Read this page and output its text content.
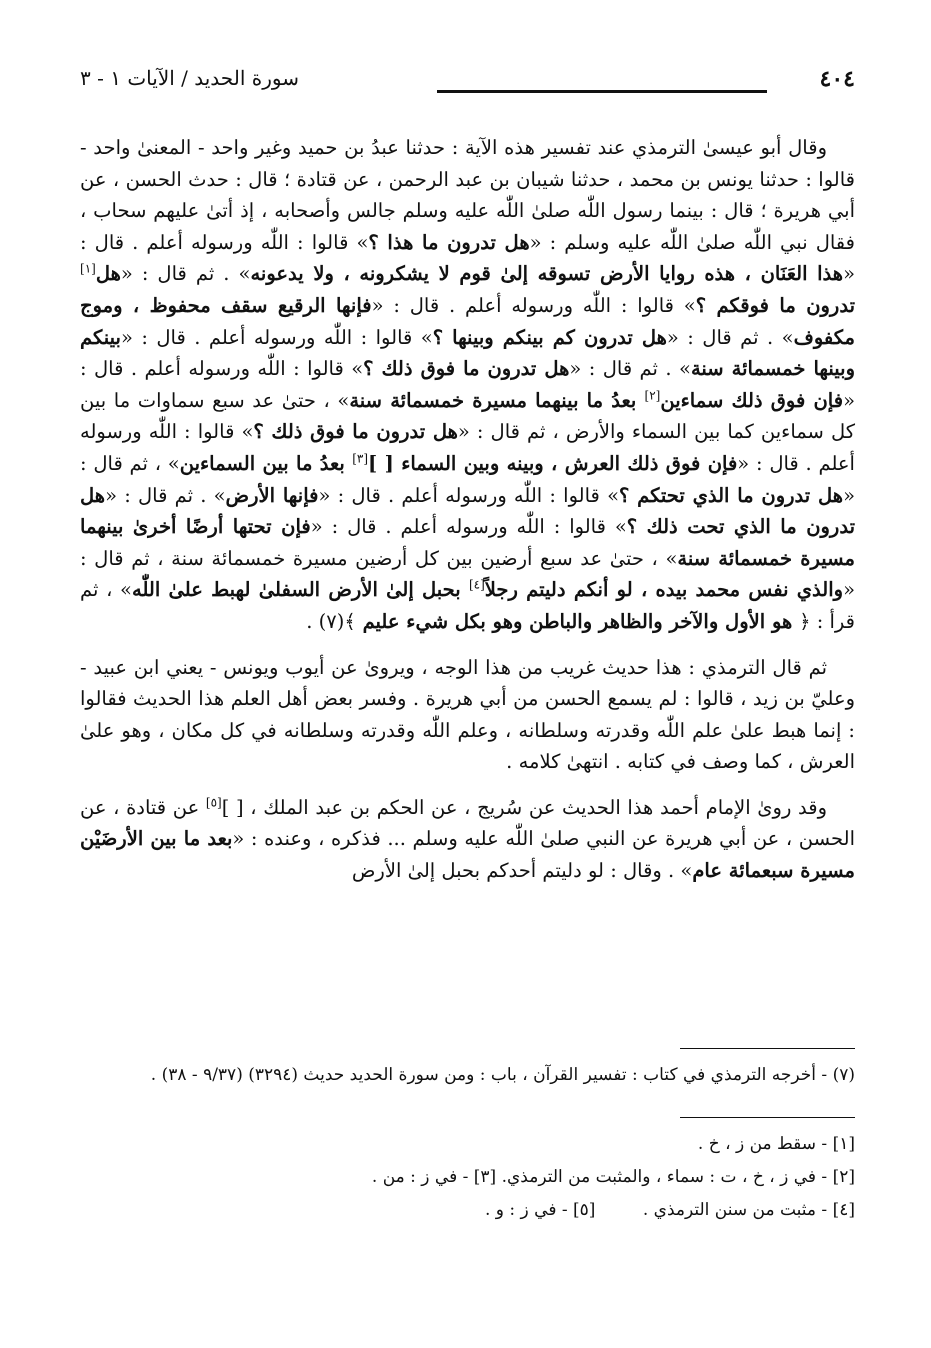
٤٠٤
سورة الحديد / الآيات ١ - ٣

وقال أبو عيسىٰ الترمذي عند تفسير هذه الآية : حدثنا عبدُ بن حميد وغير واحد - المعنىٰ واحد - قالوا : حدثنا يونس بن محمد ، حدثنا شيبان بن عبد الرحمن ، عن قتادة ؛ قال : حدث الحسن ، عن أبي هريرة ؛ قال : بينما رسول اللّٰه صلىٰ اللّٰه عليه وسلم جالس وأصحابه ، إذ أتىٰ عليهم سحاب ، فقال نبي اللّٰه صلىٰ اللّٰه عليه وسلم : «هل تدرون ما هذا ؟» قالوا : اللّٰه ورسوله أعلم . قال : «هذا العَنَان ، هذه روايا الأرض تسوقه إلىٰ قوم لا يشكرونه ، ولا يدعونه» . ثم قال : «هل[١] تدرون ما فوقكم ؟» قالوا : اللّٰه ورسوله أعلم . قال : «فإنها الرقيع سقف محفوظ ، وموج مكفوف» . ثم قال : «هل تدرون كم بينكم وبينها ؟» قالوا : اللّٰه ورسوله أعلم . قال : «بينكم وبينها خمسمائة سنة» . ثم قال : «هل تدرون ما فوق ذلك ؟» قالوا : اللّٰه ورسوله أعلم . قال : «فإن فوق ذلك سماءين[٢] بعدُ ما بينهما مسيرة خمسمائة سنة» ، حتىٰ عد سبع سماوات ما بين كل سماءين كما بين السماء والأرض ، ثم قال : «هل تدرون ما فوق ذلك ؟» قالوا : اللّٰه ورسوله أعلم . قال : «فإن فوق ذلك العرش ، وبينه وبين السماء [ ][٣] بعدُ ما بين السماءين» ، ثم قال : «هل تدرون ما الذي تحتكم ؟» قالوا : اللّٰه ورسوله أعلم . قال : «فإنها الأرض» . ثم قال : «هل تدرون ما الذي تحت ذلك ؟» قالوا : اللّٰه ورسوله أعلم . قال : «فإن تحتها أرضًا أخرىٰ بينهما مسيرة خمسمائة سنة» ، حتىٰ عد سبع أرضين بين كل أرضين مسيرة خمسمائة سنة ، ثم قال : «والذي نفس محمد بيده ، لو أنكم دليتم رجلاً[٤] بحبل إلىٰ الأرض السفلىٰ لهبط علىٰ اللّٰه» ، ثم قرأ : ﴿ هو الأول والآخر والظاهر والباطن وهو بكل شيء عليم ﴾(٧) .

ثم قال الترمذي : هذا حديث غريب من هذا الوجه ، ويروىٰ عن أيوب ويونس - يعني ابن عبيد - وعليّ بن زيد ، قالوا : لم يسمع الحسن من أبي هريرة . وفسر بعض أهل العلم هذا الحديث فقالوا : إنما هبط علىٰ علم اللّٰه وقدرته وسلطانه ، وعلم اللّٰه وقدرته وسلطانه في كل مكان ، وهو علىٰ العرش ، كما وصف في كتابه . انتهىٰ كلامه .

وقد روىٰ الإمام أحمد هذا الحديث عن سُريج ، عن الحكم بن عبد الملك ، [ ][٥] عن قتادة ، عن الحسن ، عن أبي هريرة عن النبي صلىٰ اللّٰه عليه وسلم ... فذكره ، وعنده : «بعد ما بين الأرضَيْن مسيرة سبعمائة عام» . وقال : لو دليتم أحدكم بحبل إلىٰ الأرض

(٧) - أخرجه الترمذي في كتاب : تفسير القرآن ، باب : ومن سورة الحديد حديث (٣٢٩٤) (٩/٣٧ - ٣٨) .
[١] - سقط من ز ، خ .
[٢] - في ز ، خ ، ت : سماء ، والمثبت من الترمذي. [٣] - في ز : من .
[٤] - مثبت من سنن الترمذي . [٥] - في ز : و .
